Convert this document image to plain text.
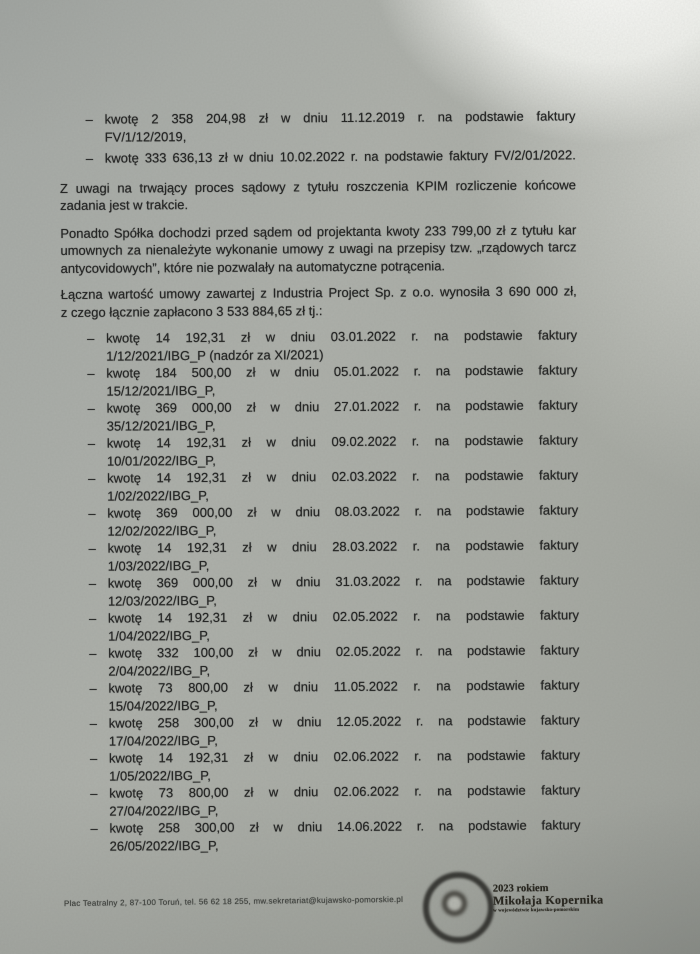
– kwotę 2 358 204,98 zł w dniu 11.12.2019 r. na podstawie faktury
FV/1/12/2019,
– kwotę 333 636,13 zł w dniu 10.02.2022 r. na podstawie faktury FV/2/01/2022.
Z uwagi na trwający proces sądowy z tytułu roszczenia KPIM rozliczenie końcowe
zadania jest w trakcie.
Ponadto Spółka dochodzi przed sądem od projektanta kwoty 233 799,00 zł z tytułu kar
umownych za nienależyte wykonanie umowy z uwagi na przepisy tzw. „rządowych tarcz
antycovidowych”, które nie pozwalały na automatyczne potrącenia.
Łączna wartość umowy zawartej z Industria Project Sp. z o.o. wynosiła 3 690 000 zł,
z czego łącznie zapłacono 3 533 884,65 zł tj.:
– kwotę 14 192,31 zł w dniu 03.01.2022 r. na podstawie faktury
1/12/2021/IBG_P (nadzór za XI/2021)
– kwotę 184 500,00 zł w dniu 05.01.2022 r. na podstawie faktury
15/12/2021/IBG_P,
– kwotę 369 000,00 zł w dniu 27.01.2022 r. na podstawie faktury
35/12/2021/IBG_P,
– kwotę 14 192,31 zł w dniu 09.02.2022 r. na podstawie faktury
10/01/2022/IBG_P,
– kwotę 14 192,31 zł w dniu 02.03.2022 r. na podstawie faktury
1/02/2022/IBG_P,
– kwotę 369 000,00 zł w dniu 08.03.2022 r. na podstawie faktury
12/02/2022/IBG_P,
– kwotę 14 192,31 zł w dniu 28.03.2022 r. na podstawie faktury
1/03/2022/IBG_P,
– kwotę 369 000,00 zł w dniu 31.03.2022 r. na podstawie faktury
12/03/2022/IBG_P,
– kwotę 14 192,31 zł w dniu 02.05.2022 r. na podstawie faktury
1/04/2022/IBG_P,
– kwotę 332 100,00 zł w dniu 02.05.2022 r. na podstawie faktury
2/04/2022/IBG_P,
– kwotę 73 800,00 zł w dniu 11.05.2022 r. na podstawie faktury
15/04/2022/IBG_P,
– kwotę 258 300,00 zł w dniu 12.05.2022 r. na podstawie faktury
17/04/2022/IBG_P,
– kwotę 14 192,31 zł w dniu 02.06.2022 r. na podstawie faktury
1/05/2022/IBG_P,
– kwotę 73 800,00 zł w dniu 02.06.2022 r. na podstawie faktury
27/04/2022/IBG_P,
– kwotę 258 300,00 zł w dniu 14.06.2022 r. na podstawie faktury
26/05/2022/IBG_P,
Plac Teatralny 2, 87-100 Toruń, tel. 56 62 18 255, mw.sekretariat@kujawsko-pomorskie.pl
2023 rokiem
Mikołaja Kopernika
w województwie kujawsko-pomorskim
